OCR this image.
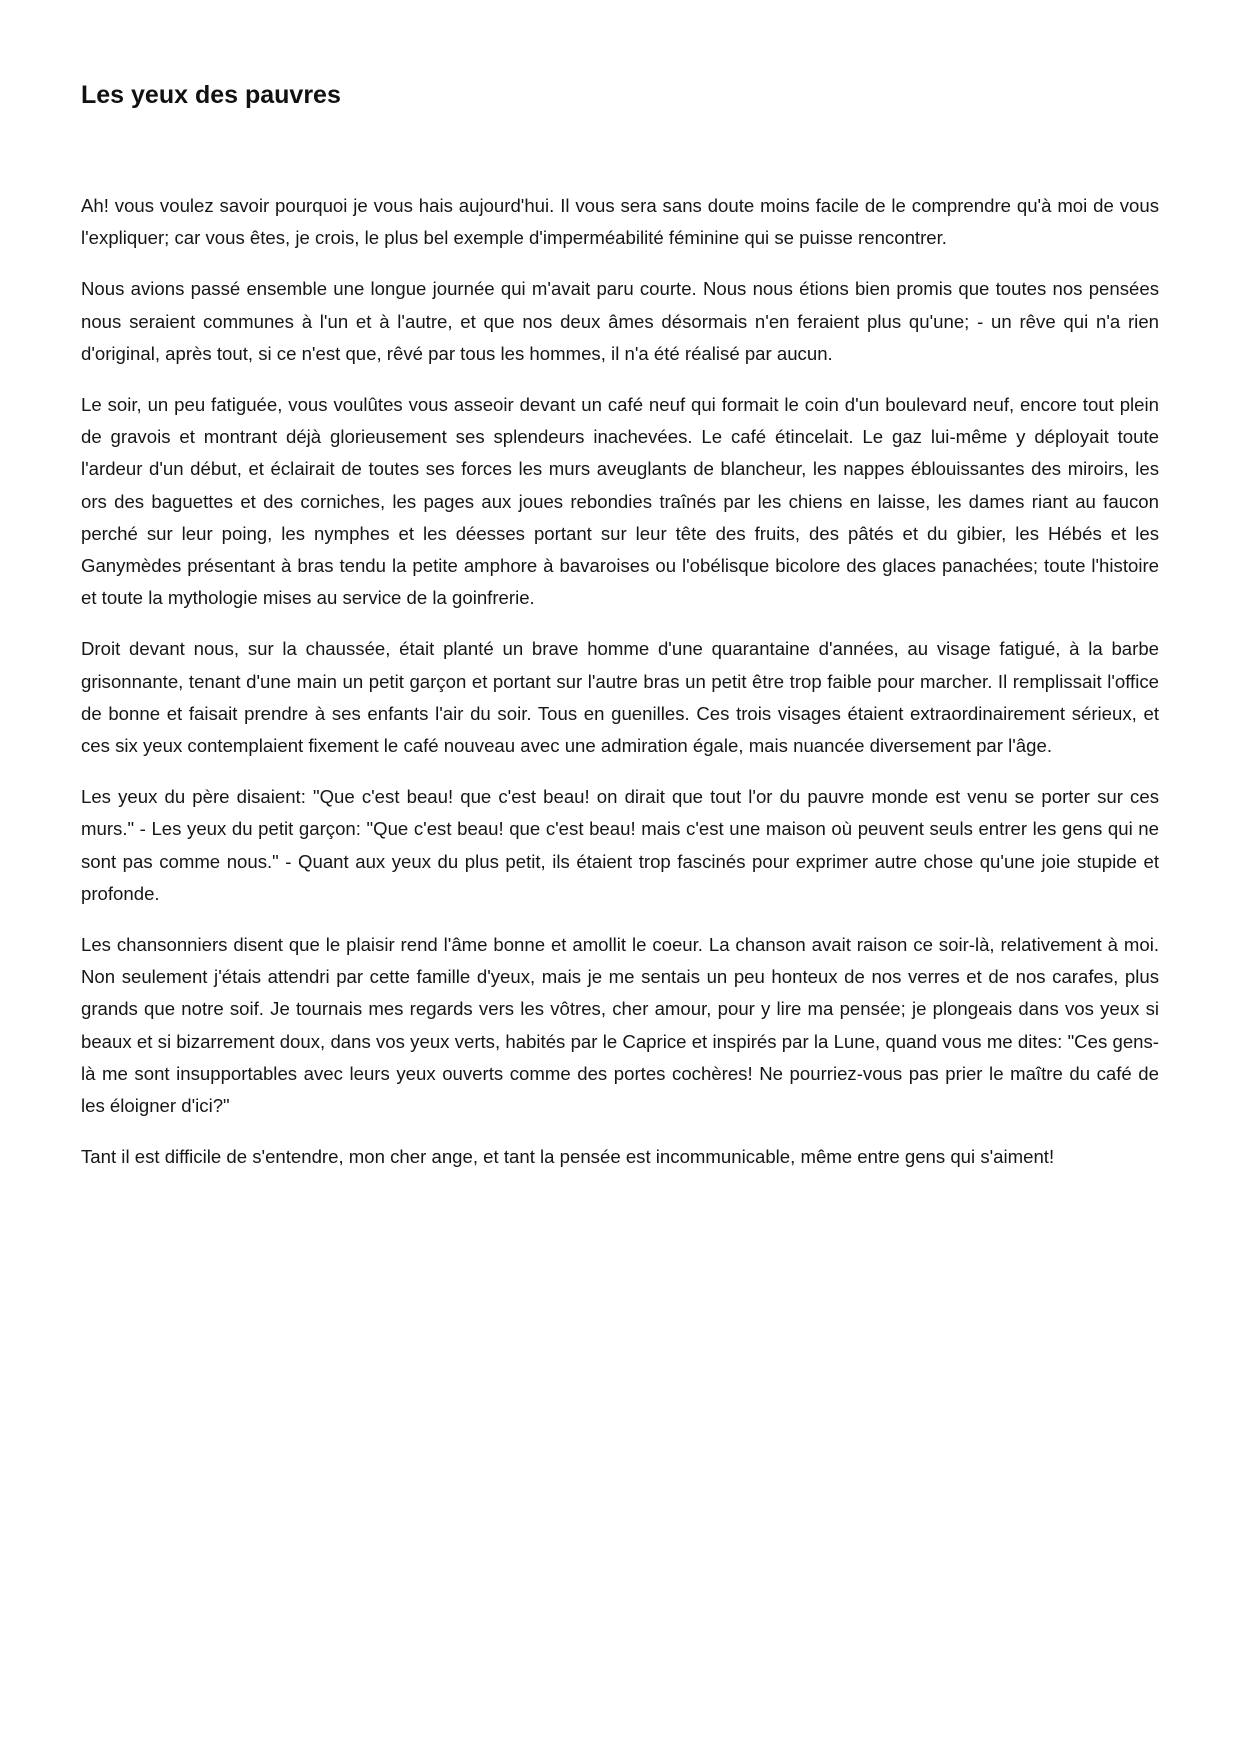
Les yeux des pauvres

Ah! vous voulez savoir pourquoi je vous hais aujourd'hui. Il vous sera sans doute moins facile de le comprendre qu'à moi de vous l'expliquer; car vous êtes, je crois, le plus bel exemple d'imperméabilité féminine qui se puisse rencontrer.

Nous avions passé ensemble une longue journée qui m'avait paru courte. Nous nous étions bien promis que toutes nos pensées nous seraient communes à l'un et à l'autre, et que nos deux âmes désormais n'en feraient plus qu'une; - un rêve qui n'a rien d'original, après tout, si ce n'est que, rêvé par tous les hommes, il n'a été réalisé par aucun.

Le soir, un peu fatiguée, vous voulûtes vous asseoir devant un café neuf qui formait le coin d'un boulevard neuf, encore tout plein de gravois et montrant déjà glorieusement ses splendeurs inachevées. Le café étincelait. Le gaz lui-même y déployait toute l'ardeur d'un début, et éclairait de toutes ses forces les murs aveuglants de blancheur, les nappes éblouissantes des miroirs, les ors des baguettes et des corniches, les pages aux joues rebondies traînés par les chiens en laisse, les dames riant au faucon perché sur leur poing, les nymphes et les déesses portant sur leur tête des fruits, des pâtés et du gibier, les Hébés et les Ganymèdes présentant à bras tendu la petite amphore à bavaroises ou l'obélisque bicolore des glaces panachées; toute l'histoire et toute la mythologie mises au service de la goinfrerie.

Droit devant nous, sur la chaussée, était planté un brave homme d'une quarantaine d'années, au visage fatigué, à la barbe grisonnante, tenant d'une main un petit garçon et portant sur l'autre bras un petit être trop faible pour marcher. Il remplissait l'office de bonne et faisait prendre à ses enfants l'air du soir. Tous en guenilles. Ces trois visages étaient extraordinairement sérieux, et ces six yeux contemplaient fixement le café nouveau avec une admiration égale, mais nuancée diversement par l'âge.

Les yeux du père disaient: "Que c'est beau! que c'est beau! on dirait que tout l'or du pauvre monde est venu se porter sur ces murs." - Les yeux du petit garçon: "Que c'est beau! que c'est beau! mais c'est une maison où peuvent seuls entrer les gens qui ne sont pas comme nous." - Quant aux yeux du plus petit, ils étaient trop fascinés pour exprimer autre chose qu'une joie stupide et profonde.

Les chansonniers disent que le plaisir rend l'âme bonne et amollit le coeur. La chanson avait raison ce soir-là, relativement à moi. Non seulement j'étais attendri par cette famille d'yeux, mais je me sentais un peu honteux de nos verres et de nos carafes, plus grands que notre soif. Je tournais mes regards vers les vôtres, cher amour, pour y lire ma pensée; je plongeais dans vos yeux si beaux et si bizarrement doux, dans vos yeux verts, habités par le Caprice et inspirés par la Lune, quand vous me dites: "Ces gens-là me sont insupportables avec leurs yeux ouverts comme des portes cochères! Ne pourriez-vous pas prier le maître du café de les éloigner d'ici?"

Tant il est difficile de s'entendre, mon cher ange, et tant la pensée est incommunicable, même entre gens qui s'aiment!
